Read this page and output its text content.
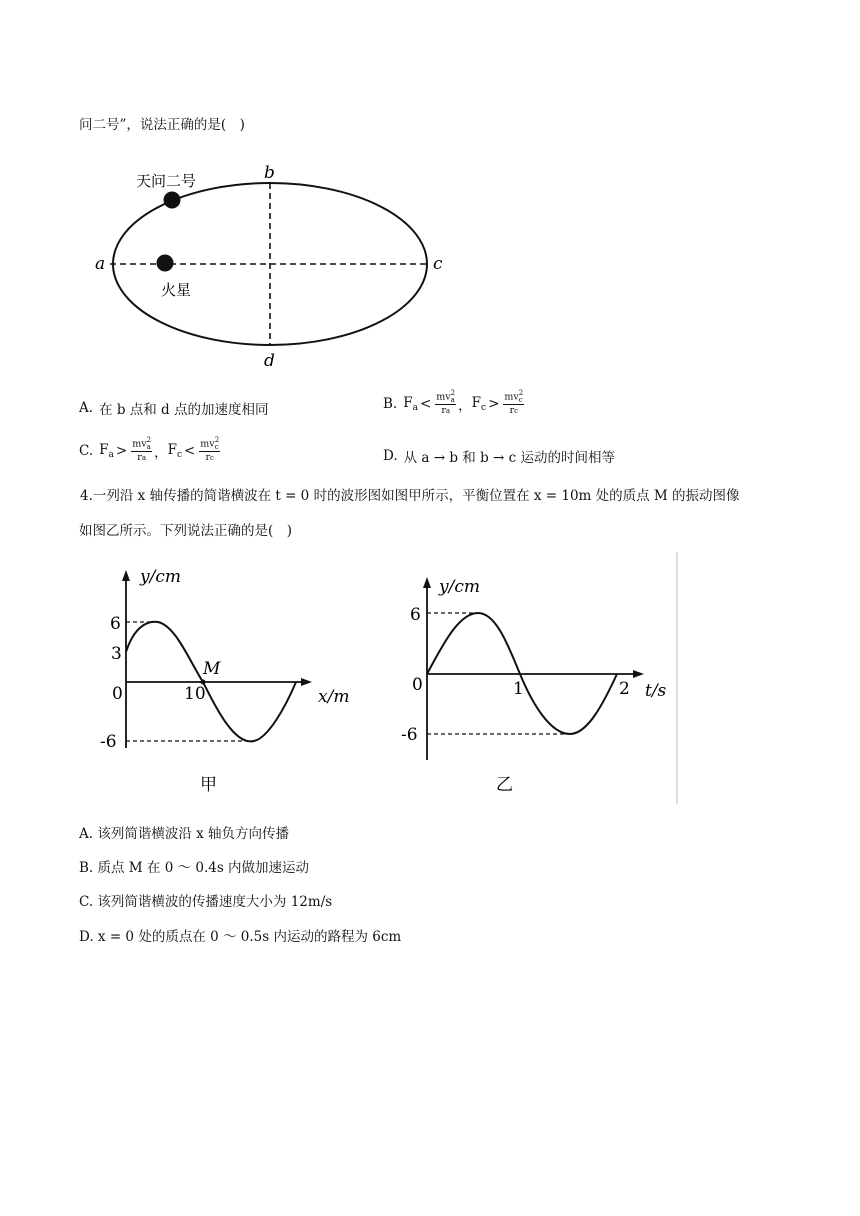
问二号”，说法正确的是(　)
天问二号
火星
a
b
c
d
A. 在 b 点和 d 点的加速度相同	B. $F_a$ < mv 2
a
ra ， $F_c$ > mv 2
c
rc
C. $F_a$ > mv 2
a
ra ， $F_c$ < mv 2
c
rc	D. 从 a → b 和 b → c 运动的时间相等
4.一列沿 x 轴传播的简谐横波在 t = 0 时的波形图如图甲所示，平衡位置在 x = 10m 处的质点 M 的振动图像
如图乙所示。下列说法正确的是(　)
y/cm
x/m
0	10
6
3
-6
M
甲
y/cm
t/s
0	1	2
6
-6
乙
A. 该列简谐横波沿 x 轴负方向传播
B. 质点 M 在 0 ～ 0.4s 内做加速运动
C. 该列简谐横波的传播速度大小为 12m/s
D. x = 0 处的质点在 0 ～ 0.5s 内运动的路程为 6cm
